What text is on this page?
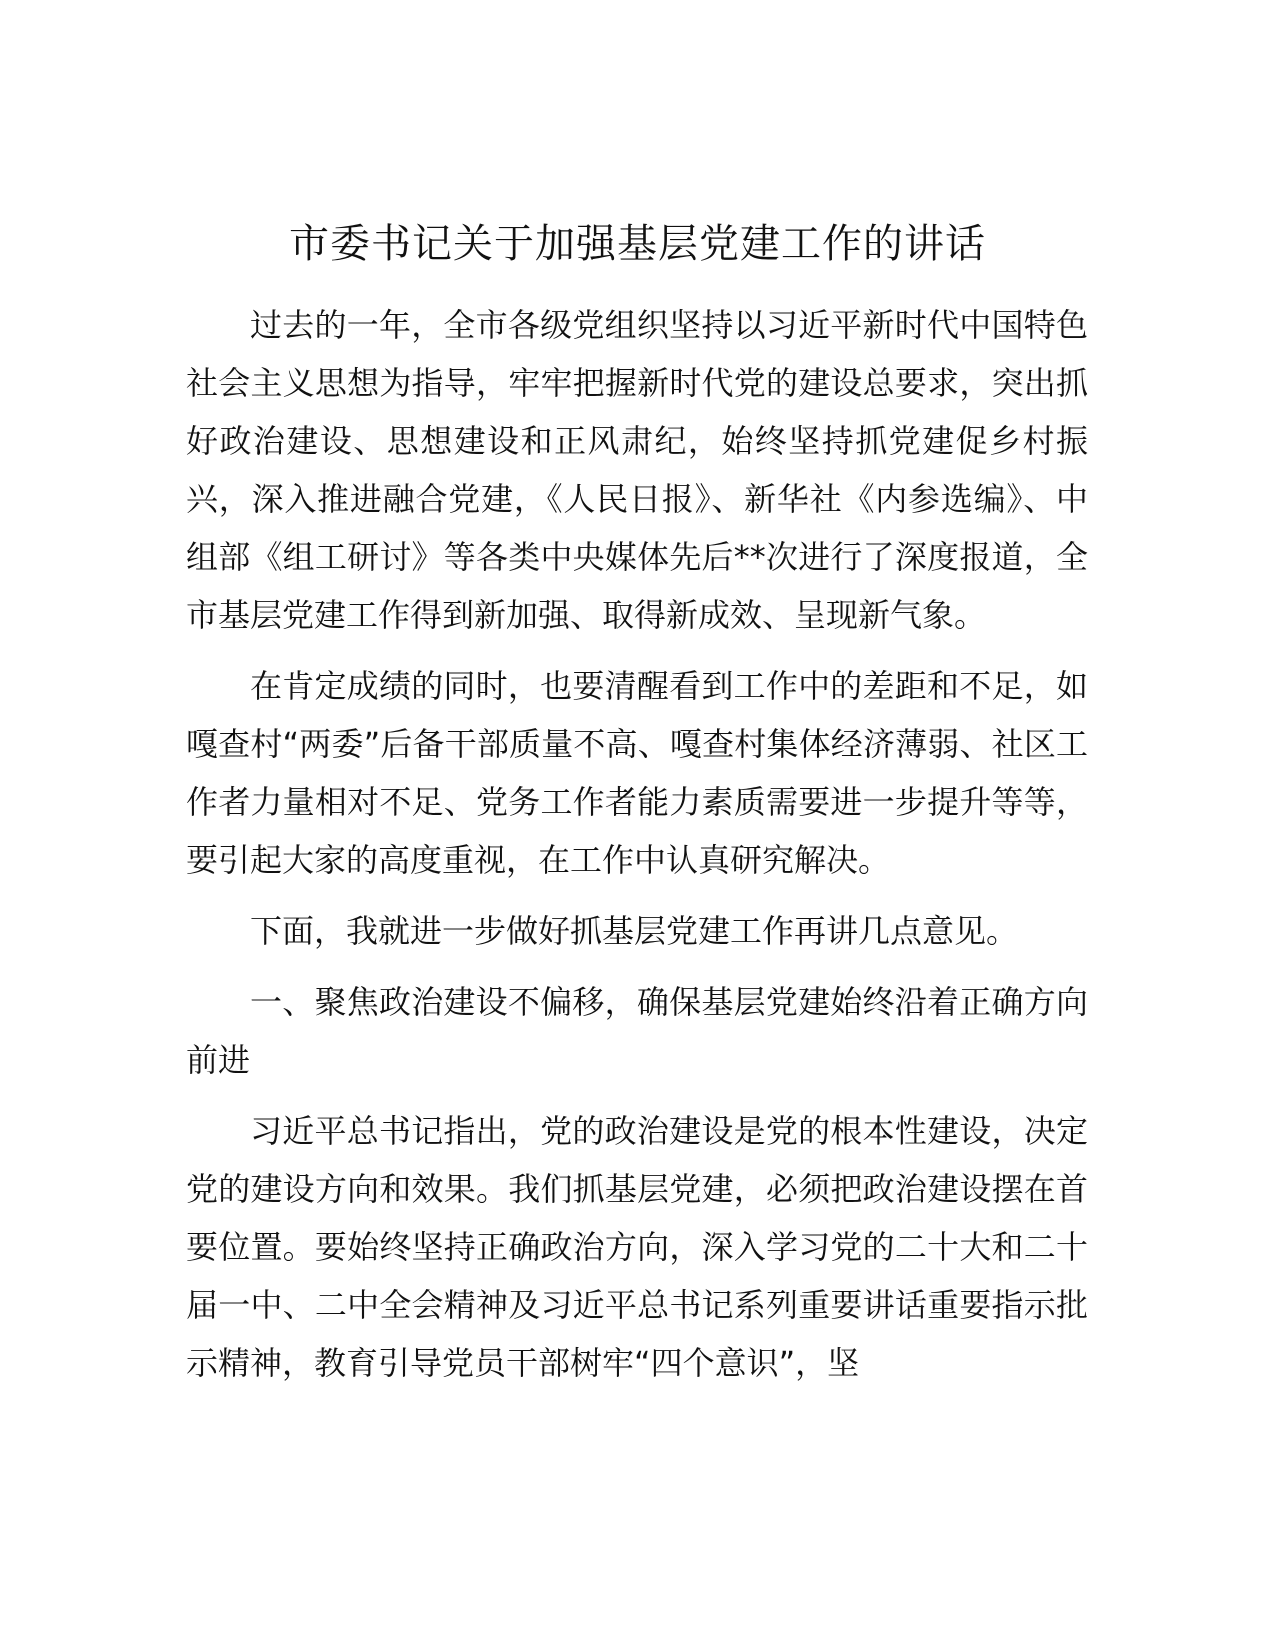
市委书记关于加强基层党建工作的讲话

过去的一年，全市各级党组织坚持以习近平新时代中国特色社会主义思想为指导，牢牢把握新时代党的建设总要求，突出抓好政治建设、思想建设和正风肃纪，始终坚持抓党建促乡村振兴，深入推进融合党建，《人民日报》、新华社《内参选编》、中组部《组工研讨》等各类中央媒体先后**次进行了深度报道，全市基层党建工作得到新加强、取得新成效、呈现新气象。

在肯定成绩的同时，也要清醒看到工作中的差距和不足，如嘎查村“两委”后备干部质量不高、嘎查村集体经济薄弱、社区工作者力量相对不足、党务工作者能力素质需要进一步提升等等，要引起大家的高度重视，在工作中认真研究解决。

下面，我就进一步做好抓基层党建工作再讲几点意见。

一、聚焦政治建设不偏移，确保基层党建始终沿着正确方向前进

习近平总书记指出，党的政治建设是党的根本性建设，决定党的建设方向和效果。我们抓基层党建，必须把政治建设摆在首要位置。要始终坚持正确政治方向，深入学习党的二十大和二十届一中、二中全会精神及习近平总书记系列重要讲话重要指示批示精神，教育引导党员干部树牢“四个意识”，坚
